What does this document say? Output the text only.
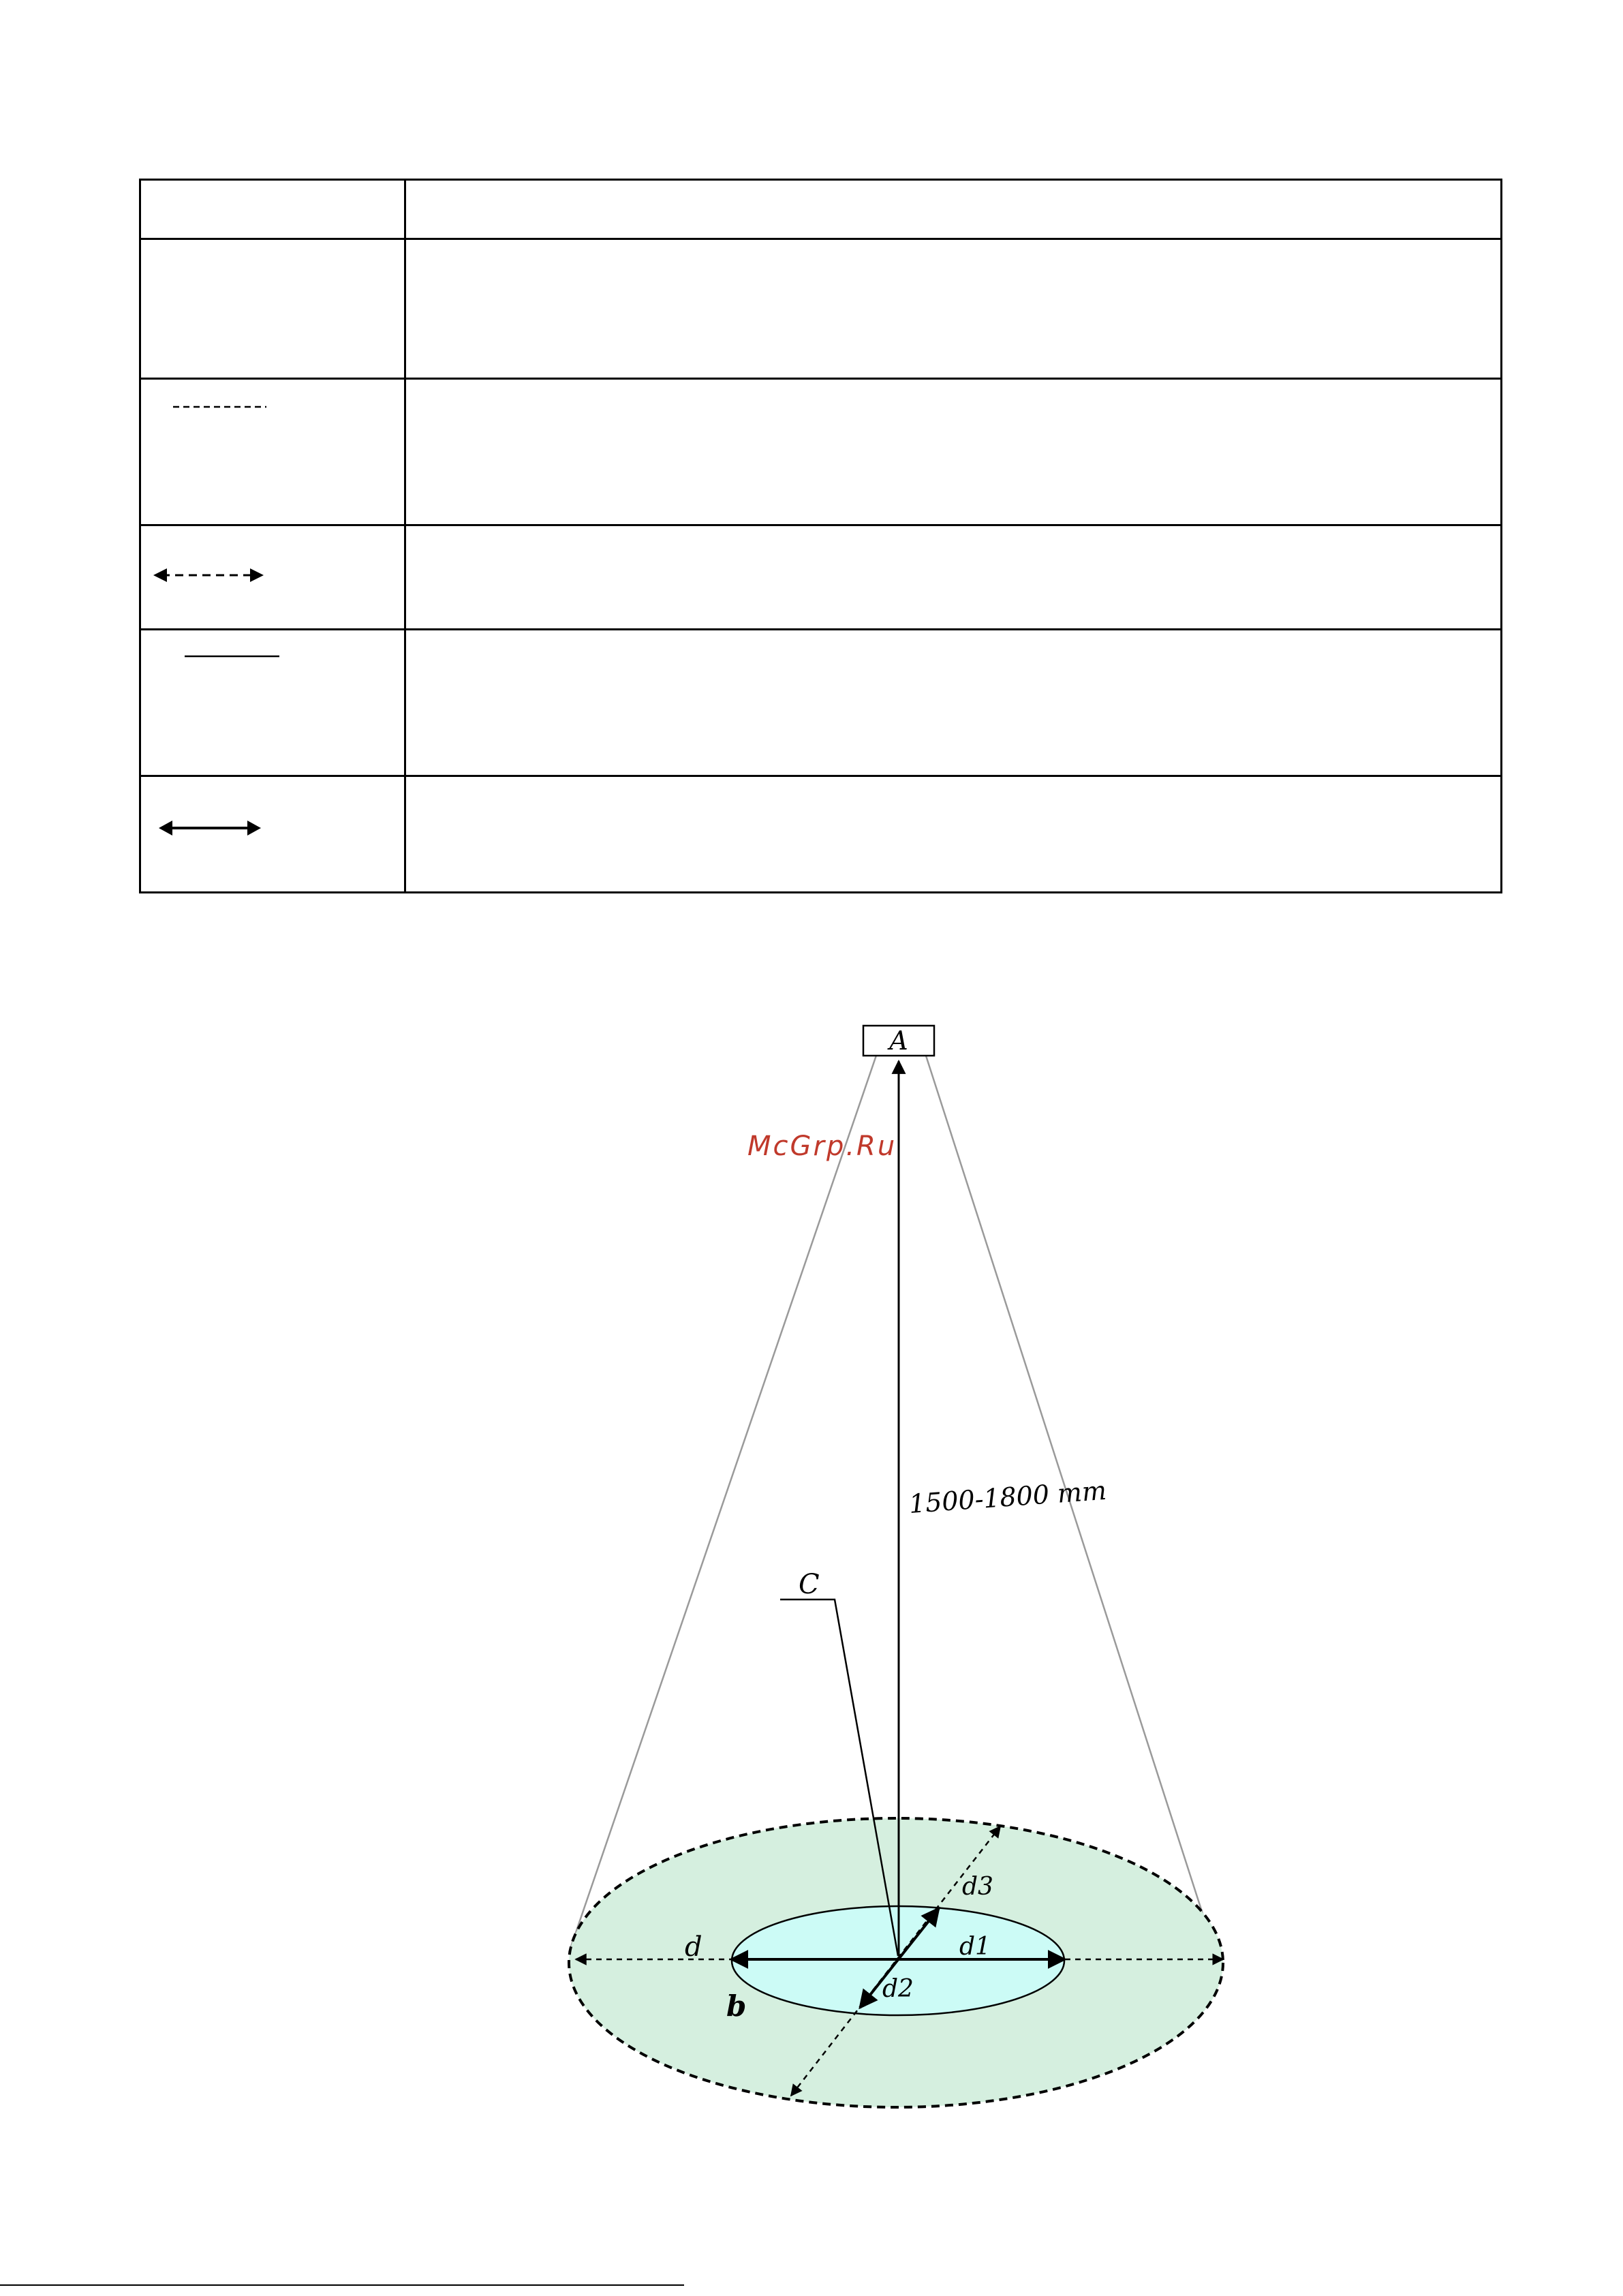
A
McGrp.Ru
1500-1800 mm
C
d3
d	d1
d2
b
